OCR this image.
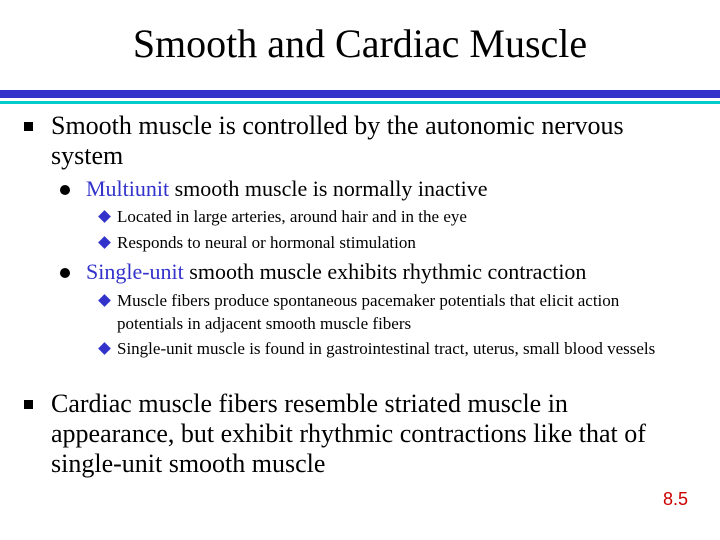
Smooth and Cardiac Muscle
Smooth muscle is controlled by the autonomic nervous system
Multiunit smooth muscle is normally inactive
Located in large arteries, around hair and in the eye
Responds to neural or hormonal stimulation
Single-unit smooth muscle exhibits rhythmic contraction
Muscle fibers produce spontaneous pacemaker potentials that elicit action potentials in adjacent smooth muscle fibers
Single-unit muscle is found in gastrointestinal tract, uterus, small blood vessels
Cardiac muscle fibers resemble striated muscle in appearance, but exhibit rhythmic contractions like that of single-unit smooth muscle
8.5
